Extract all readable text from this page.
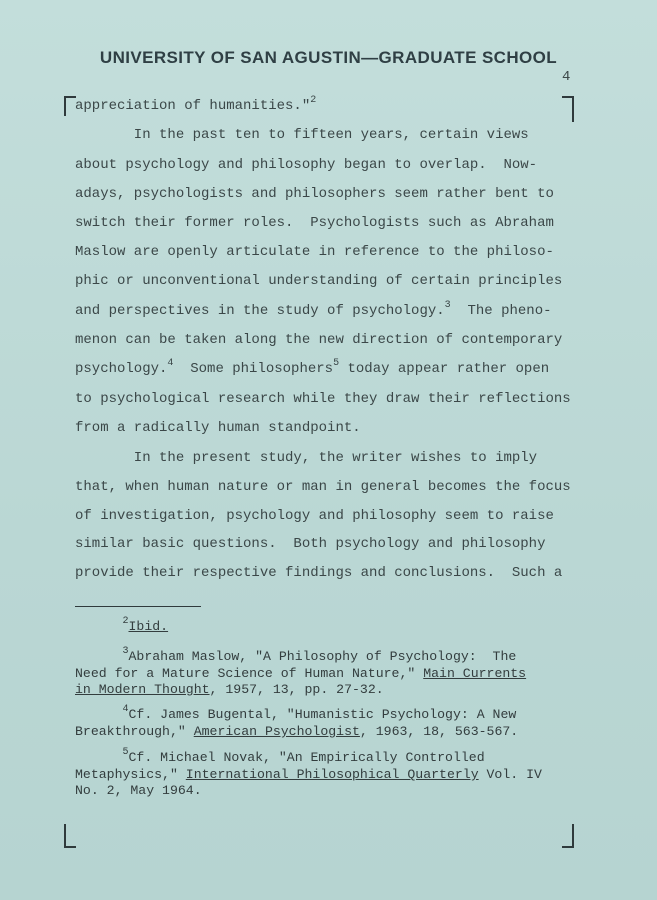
UNIVERSITY OF SAN AGUSTIN—GRADUATE SCHOOL
4
appreciation of humanities."$^2$
In the past ten to fifteen years, certain views
about psychology and philosophy began to overlap.  Now-
adays, psychologists and philosophers seem rather bent to
switch their former roles.  Psychologists such as Abraham
Maslow are openly articulate in reference to the philoso-
phic or unconventional understanding of certain principles
and perspectives in the study of psychology.$^3$  The pheno-
menon can be taken along the new direction of contemporary
psychology.$^4$  Some philosophers$^5$ today appear rather open
to psychological research while they draw their reflections
from a radically human standpoint.
In the present study, the writer wishes to imply
that, when human nature or man in general becomes the focus
of investigation, psychology and philosophy seem to raise
similar basic questions.  Both psychology and philosophy
provide their respective findings and conclusions.  Such a
$^2$Ibid.
$^3$Abraham Maslow, "A Philosophy of Psychology:  The
Need for a Mature Science of Human Nature," Main Currents
in Modern Thought, 1957, 13, pp. 27-32.
$^4$Cf. James Bugental, "Humanistic Psychology: A New
Breakthrough," American Psychologist, 1963, 18, 563-567.
$^5$Cf. Michael Novak, "An Empirically Controlled
Metaphysics," International Philosophical Quarterly Vol. IV
No. 2, May 1964.
